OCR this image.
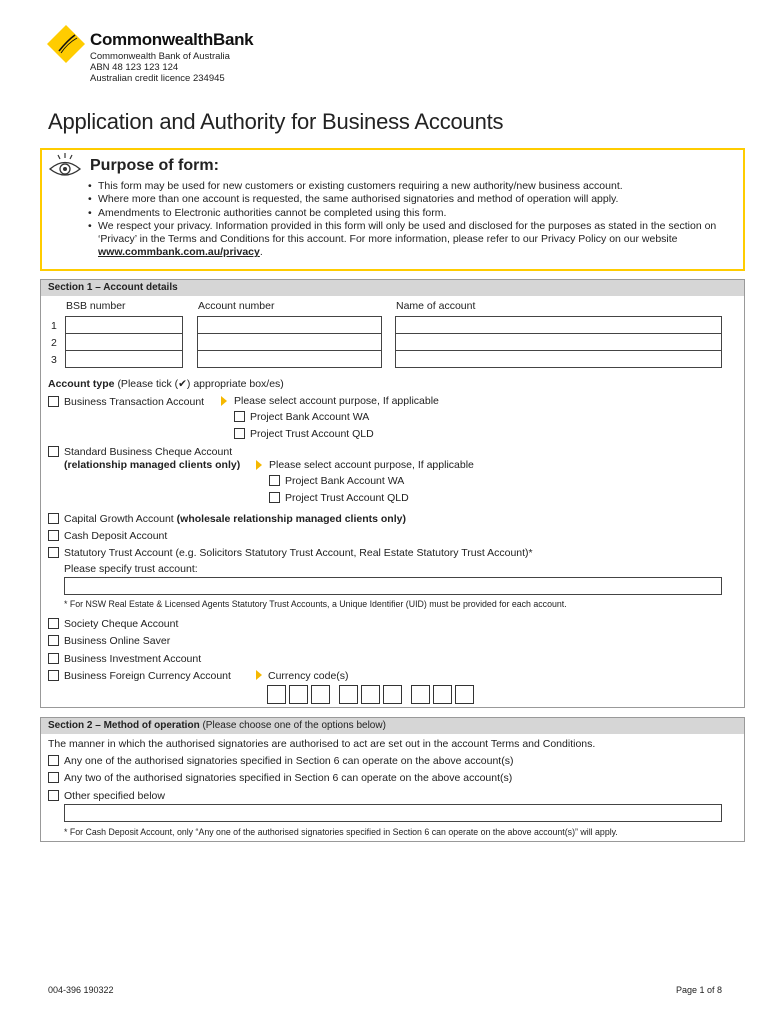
CommonwealthBank
Commonwealth Bank of Australia
ABN 48 123 123 124
Australian credit licence 234945
Application and Authority for Business Accounts
Purpose of form:
• This form may be used for new customers or existing customers requiring a new authority/new business account.
• Where more than one account is requested, the same authorised signatories and method of operation will apply.
• Amendments to Electronic authorities cannot be completed using this form.
• We respect your privacy. Information provided in this form will only be used and disclosed for the purposes as stated in the section on ‘Privacy’ in the Terms and Conditions for this account. For more information, please refer to our Privacy Policy on our website www.commbank.com.au/privacy.
Section 1 – Account details
BSB number	Account number	Name of account
1
2
3
Account type (Please tick (✔) appropriate box/es)
Business Transaction Account	Please select account purpose, If applicable
Project Bank Account WA
Project Trust Account QLD
Standard Business Cheque Account
(relationship managed clients only)	Please select account purpose, If applicable
Project Bank Account WA
Project Trust Account QLD
Capital Growth Account (wholesale relationship managed clients only)
Cash Deposit Account
Statutory Trust Account (e.g. Solicitors Statutory Trust Account, Real Estate Statutory Trust Account)*
Please specify trust account:
* For NSW Real Estate & Licensed Agents Statutory Trust Accounts, a Unique Identifier (UID) must be provided for each account.
Society Cheque Account
Business Online Saver
Business Investment Account
Business Foreign Currency Account	Currency code(s)
Section 2 – Method of operation (Please choose one of the options below)
The manner in which the authorised signatories are authorised to act are set out in the account Terms and Conditions.
Any one of the authorised signatories specified in Section 6 can operate on the above account(s)
Any two of the authorised signatories specified in Section 6 can operate on the above account(s)
Other specified below
* For Cash Deposit Account, only “Any one of the authorised signatories specified in Section 6 can operate on the above account(s)” will apply.
004-396 190322	Page 1 of 8
